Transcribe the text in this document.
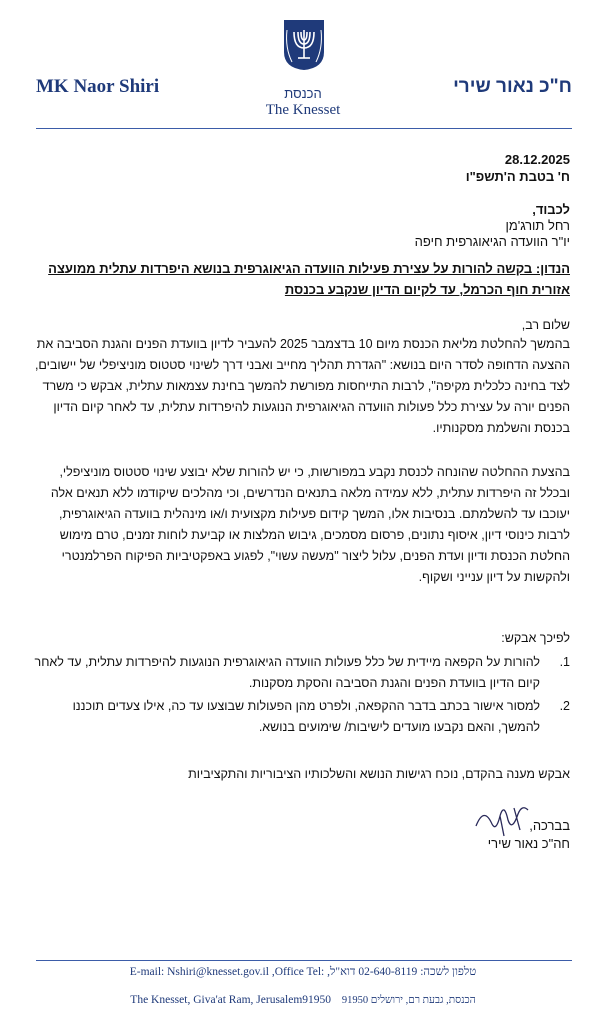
MK Naor Shiri	ח"כ נאור שירי
הכנסת
The Knesset
28.12.2025
ח' בטבת ה'תשפ"ו
לכבוד,
רחל תורג'מן
יו"ר הוועדה הגיאוגרפית חיפה
הנדון: בקשה להורות על עצירת פעילות הוועדה הגיאוגרפית בנושא היפרדות עתלית ממועצה
אזורית חוף הכרמל, עד לקיום הדיון שנקבע בכנסת
שלום רב,
בהמשך להחלטת מליאת הכנסת מיום 10 בדצמבר 2025 להעביר לדיון בוועדת הפנים והגנת הסביבה את ההצעה הדחופה לסדר היום בנושא: "הגדרת תהליך מחייב ואבני דרך לשינוי סטטוס מוניציפלי של יישובים, לצד בחינה כלכלית מקיפה", לרבות התייחסות מפורשת להמשך בחינת עצמאות עתלית, אבקש כי משרד הפנים יורה על עצירת כלל פעולות הוועדה הגיאוגרפית הנוגעות להיפרדות עתלית, עד לאחר קיום הדיון בכנסת והשלמת מסקנותיו.
בהצעת ההחלטה שהונחה לכנסת נקבע במפורשות, כי יש להורות שלא יבוצע שינוי סטטוס מוניציפלי, ובכלל זה היפרדות עתלית, ללא עמידה מלאה בתנאים הנדרשים, וכי מהלכים שיקודמו ללא תנאים אלה יעוכבו עד להשלמתם. בנסיבות אלו, המשך קידום פעילות מקצועית ו/או מינהלית בוועדה הגיאוגרפית, לרבות כינוסי דיון, איסוף נתונים, פרסום מסמכים, גיבוש המלצות או קביעת לוחות זמנים, טרם מימוש החלטת הכנסת ודיון ועדת הפנים, עלול ליצור "מעשה עשוי", לפגוע באפקטיביות הפיקוח הפרלמנטרי ולהקשות על דיון ענייני ושקוף.
לפיכך אבקש:
1.
להורות על הקפאה מיידית של כלל פעולות הוועדה הגיאוגרפית הנוגעות להיפרדות עתלית, עד לאחר קיום הדיון בוועדת הפנים והגנת הסביבה והסקת מסקנות.
2.
למסור אישור בכתב בדבר ההקפאה, ולפרט מהן הפעולות שבוצעו עד כה, אילו צעדים תוכננו להמשך, והאם נקבעו מועדים לישיבות/ שימועים בנושא.
אבקש מענה בהקדם, נוכח רגישות הנושא והשלכותיו הציבוריות והתקציביות
בברכה,
חה"כ נאור שירי
E-mail: Nshiri@knesset.gov.il ,Office Tel: דוא"ל, 02-640-8119 טלפון לשכה:
The Knesset, Giva'at Ram, Jerusalem91950 הכנסת, גבעת רם, ירושלים 91950
